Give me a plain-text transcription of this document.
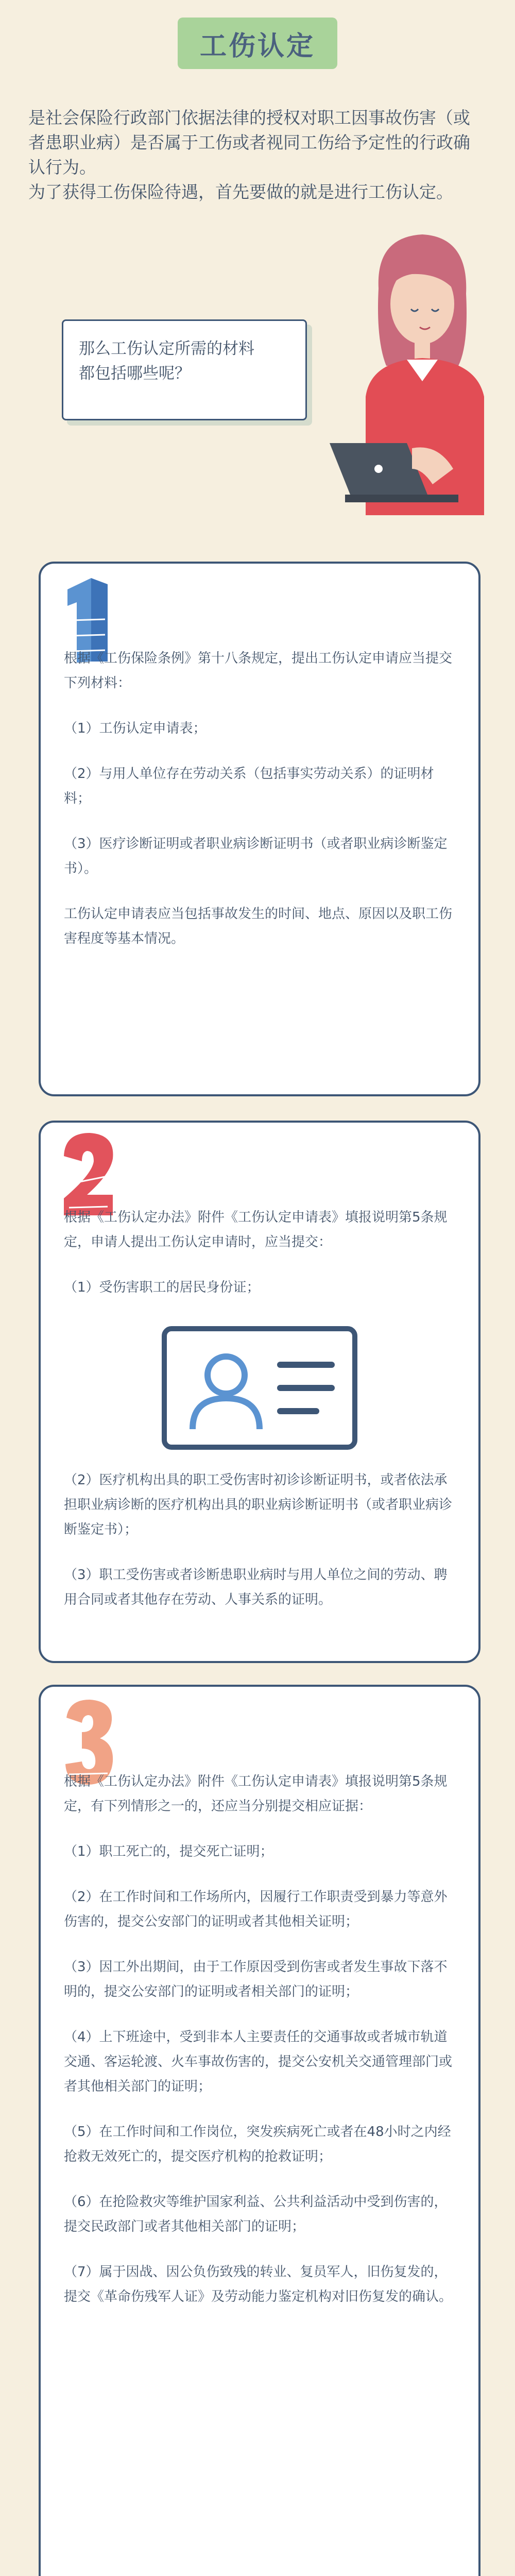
工伤认定

是社会保险行政部门依据法律的授权对职工因事故伤害（或者患职业病）是否属于工伤或者视同工伤给予定性的行政确认行为。

为了获得工伤保险待遇，首先要做的就是进行工伤认定。

那么工伤认定所需的材料都包括哪些呢？

根据《工伤保险条例》第十八条规定，提出工伤认定申请应当提交下列材料：

（1）工伤认定申请表；

（2）与用人单位存在劳动关系（包括事实劳动关系）的证明材料；

（3）医疗诊断证明或者职业病诊断证明书（或者职业病诊断鉴定书）。

工伤认定申请表应当包括事故发生的时间、地点、原因以及职工伤害程度等基本情况。

根据《工伤认定办法》附件《工伤认定申请表》填报说明第5条规定，申请人提出工伤认定申请时，应当提交：

（1）受伤害职工的居民身份证；

（2）医疗机构出具的职工受伤害时初诊诊断证明书，或者依法承担职业病诊断的医疗机构出具的职业病诊断证明书（或者职业病诊断鉴定书）；

（3）职工受伤害或者诊断患职业病时与用人单位之间的劳动、聘用合同或者其他存在劳动、人事关系的证明。

根据《工伤认定办法》附件《工伤认定申请表》填报说明第5条规定，有下列情形之一的，还应当分别提交相应证据：

（1）职工死亡的，提交死亡证明；

（2）在工作时间和工作场所内，因履行工作职责受到暴力等意外伤害的，提交公安部门的证明或者其他相关证明；

（3）因工外出期间，由于工作原因受到伤害或者发生事故下落不明的，提交公安部门的证明或者相关部门的证明；

（4）上下班途中，受到非本人主要责任的交通事故或者城市轨道交通、客运轮渡、火车事故伤害的，提交公安机关交通管理部门或者其他相关部门的证明；

（5）在工作时间和工作岗位，突发疾病死亡或者在48小时之内经抢救无效死亡的，提交医疗机构的抢救证明；

（6）在抢险救灾等维护国家利益、公共利益活动中受到伤害的，提交民政部门或者其他相关部门的证明；

（7）属于因战、因公负伤致残的转业、复员军人，旧伤复发的，提交《革命伤残军人证》及劳动能力鉴定机构对旧伤复发的确认。
